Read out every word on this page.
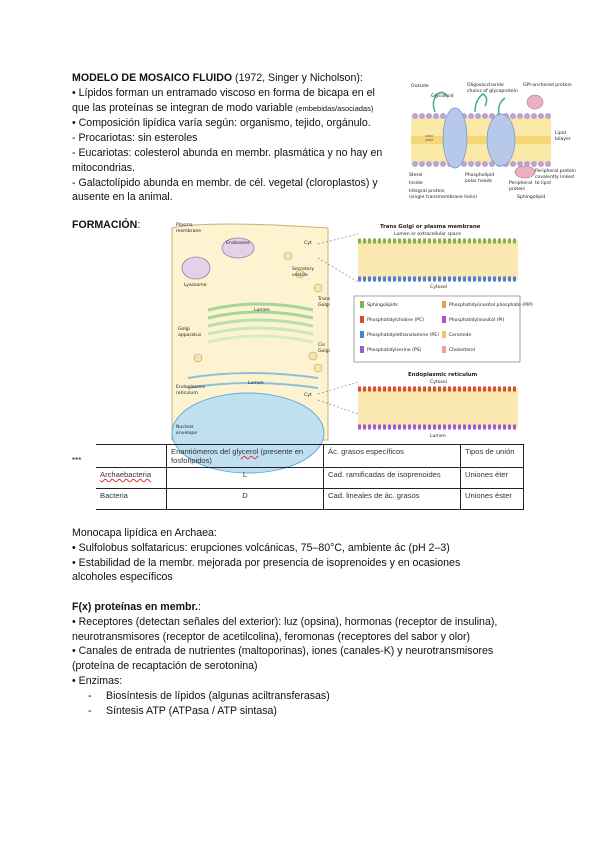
MODELO DE MOSAICO FLUIDO (1972, Singer y Nicholson):
• Lípidos forman un entramado viscoso en forma de bicapa en el
que las proteínas se integran de modo variable (embebidas/asociadas)
• Composición lipídica varía según: organismo, tejido, orgánulo.
- Procariotas: sin esteroles
- Eucariotas: colesterol abunda en membr. plasmática y no hay en
mitocondrias.
- Galactolípido abunda en membr. de cél. vegetal (cloroplastos) y
ausente en la animal.
Outside
Glycolipid
Oligosaccharide
chains of glycoprotein
GPI-anchored protein
Lipid
bilayer
Sterol
Inside
Phospholipid
polar heads	Peripheral
protein
Peripheral protein
covalently linked
to lipid
Integral protein
(single transmembrane helix)	Sphingolipid
FORMACIÓN:	Plasma
membrane
Endosome
Lysosome
Secretory
vesicle
Golgi
apparatus
Lumen
Trans
Golgi
Cis
Golgi
Endoplasmic
reticulum
Lumen
Nuclear
envelope
Cyt
Cyt
Trans Golgi or plasma membrane
Lumen or extracellular space
Cytosol
Sphingolipids	Phosphatidylinositol phosphate (PIP)
Phosphatidylcholine (PC)	Phosphatidylinositol (PI)
Phosphatidylethanolamine (PE) Ceramide
Phosphatidylserine (PS)	Cholesterol
Endoplasmic reticulum
Cytosol
Lumen
***
	Enantiómeros del glycerol (presente en fosfolípidos)	Ác. grasos específicos	Tipos de unión
Archaebacteria	L	Cad. ramificadas de isoprenoides	Uniones éter
Bacteria	D	Cad. lineales de ác. grasos	Uniones éster
Monocapa lipídica en Archaea:
• Sulfolobus solfataricus: erupciones volcánicas, 75–80°C, ambiente ác (pH 2–3)
• Estabilidad de la membr. mejorada por presencia de isoprenoides y en ocasiones
alcoholes específicos
F(x) proteínas en membr.:
• Receptores (detectan señales del exterior): luz (opsina), hormonas (receptor de insulina),
neurotransmisores (receptor de acetilcolina), feromonas (receptores del sabor y olor)
• Canales de entrada de nutrientes (maltoporinas), iones (canales-K) y neurotransmisores
(proteína de recaptación de serotonina)
• Enzimas:
- Biosíntesis de lípidos (algunas aciltransferasas)
- Síntesis ATP (ATPasa / ATP sintasa)
